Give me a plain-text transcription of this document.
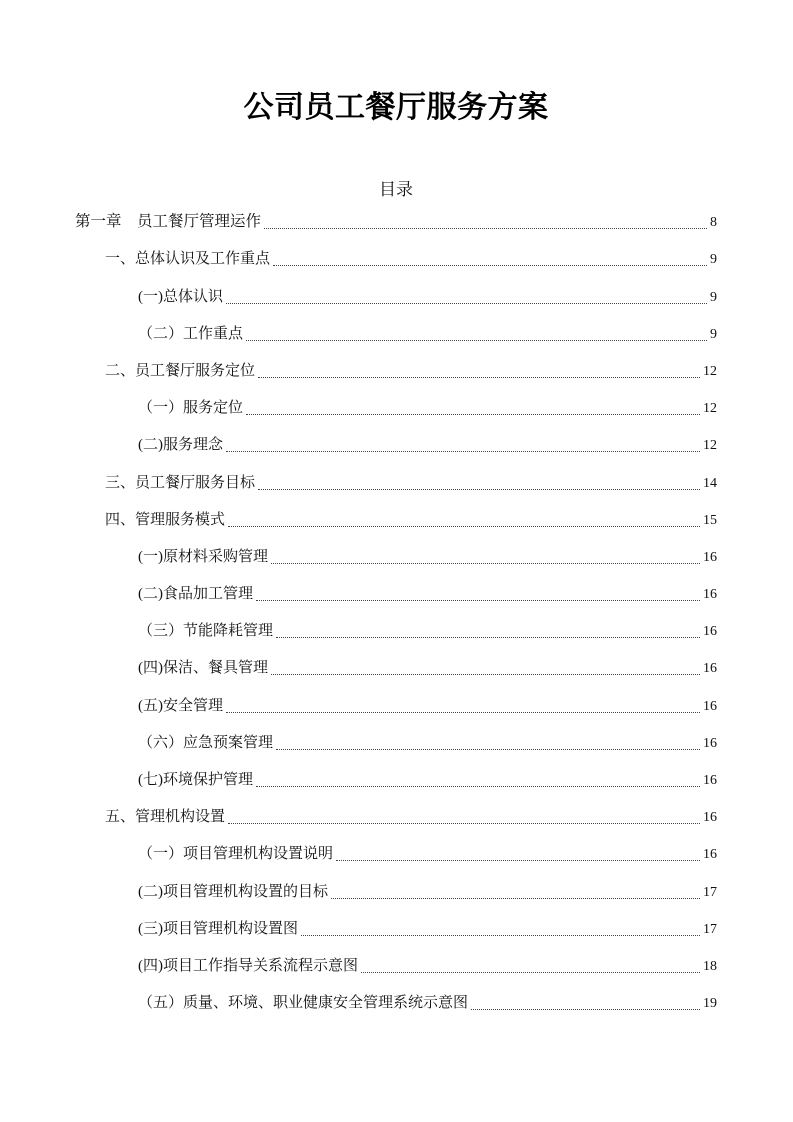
公司员工餐厅服务方案
目录
第一章　员工餐厅管理运作	8
一、总体认识及工作重点	9
(一)总体认识	9
（二）工作重点	9
二、员工餐厅服务定位	12
（一）服务定位	12
(二)服务理念	12
三、员工餐厅服务目标	14
四、管理服务模式	15
(一)原材料采购管理	16
(二)食品加工管理	16
（三）节能降耗管理	16
(四)保洁、餐具管理	16
(五)安全管理	16
（六）应急预案管理	16
(七)环境保护管理	16
五、管理机构设置	16
（一）项目管理机构设置说明	16
(二)项目管理机构设置的目标	17
(三)项目管理机构设置图	17
(四)项目工作指导关系流程示意图	18
（五）质量、环境、职业健康安全管理系统示意图	19
